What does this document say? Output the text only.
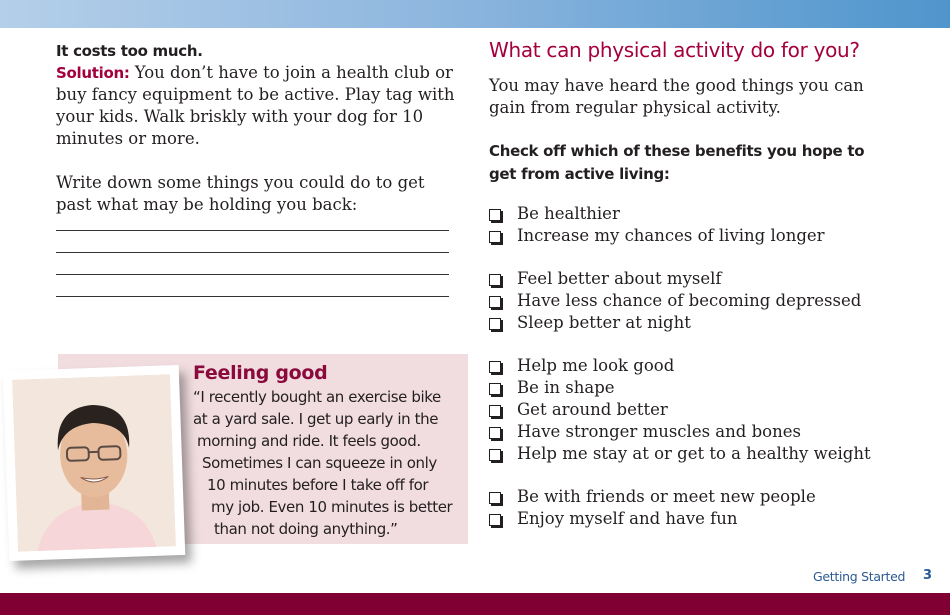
It costs too much.
Solution: You don’t have to join a health club or buy fancy equipment to be active. Play tag with your kids. Walk briskly with your dog for 10 minutes or more.
Write down some things you could do to get past what may be holding you back:
Feeling good
“I recently bought an exercise bike
at a yard sale. I get up early in the
morning and ride. It feels good.
Sometimes I can squeeze in only
10 minutes before I take off for
my job. Even 10 minutes is better
than not doing anything.”
What can physical activity do for you?
You may have heard the good things you can gain from regular physical activity.
Check off which of these benefits you hope to get from active living:
Be healthier
Increase my chances of living longer
Feel better about myself
Have less chance of becoming depressed
Sleep better at night
Help me look good
Be in shape
Get around better
Have stronger muscles and bones
Help me stay at or get to a healthy weight
Be with friends or meet new people
Enjoy myself and have fun
Getting Started 3
